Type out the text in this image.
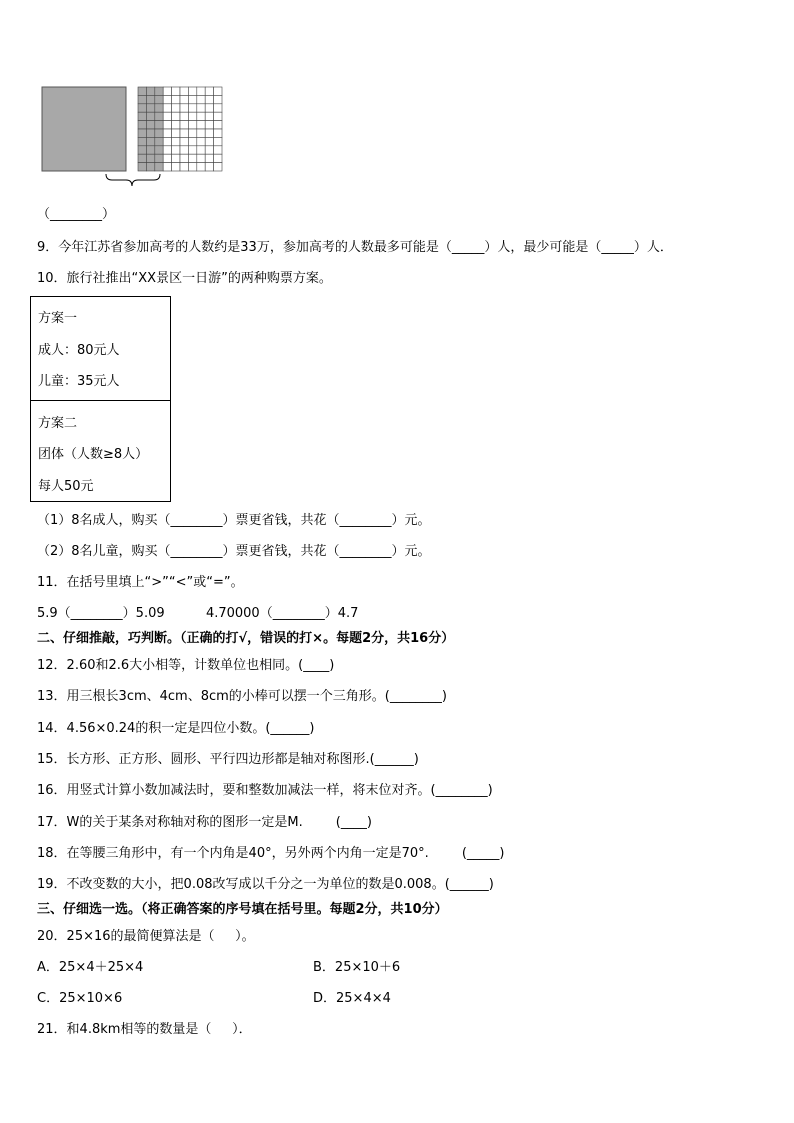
（________）
9．今年江苏省参加高考的人数约是33万，参加高考的人数最多可能是（_____）人，最少可能是（_____）人．
10．旅行社推出“XX景区一日游”的两种购票方案。
方案一
成人：80元人
儿童：35元人
方案二
团体（人数≥8人）
每人50元
（1）8名成人，购买（________）票更省钱，共花（________）元。
（2）8名儿童，购买（________）票更省钱，共花（________）元。
11．在括号里填上“>”“<”或“=”。
5.9（________）5.09          4.70000（________）4.7
二、仔细推敲，巧判断。（正确的打√，错误的打×。每题2分，共16分）
12．2.60和2.6大小相等，计数单位也相同。(____)
13．用三根长3cm、4cm、8cm的小棒可以摆一个三角形。(________)
14．4.56×0.24的积一定是四位小数。(______)
15．长方形、正方形、圆形、平行四边形都是轴对称图形.(______)
16．用竖式计算小数加减法时，要和整数加减法一样，将末位对齐。(________)
17．W的关于某条对称轴对称的图形一定是M.        (____)
18．在等腰三角形中，有一个内角是40°，另外两个内角一定是70°.        (_____)
19．不改变数的大小，把0.08改写成以千分之一为单位的数是0.008。(______)
三、仔细选一选。（将正确答案的序号填在括号里。每题2分，共10分）
20．25×16的最简便算法是（     ）。
A．25×4＋25×4	B．25×10＋6
C．25×10×6	D．25×4×4
21．和4.8km相等的数量是（     ）．
